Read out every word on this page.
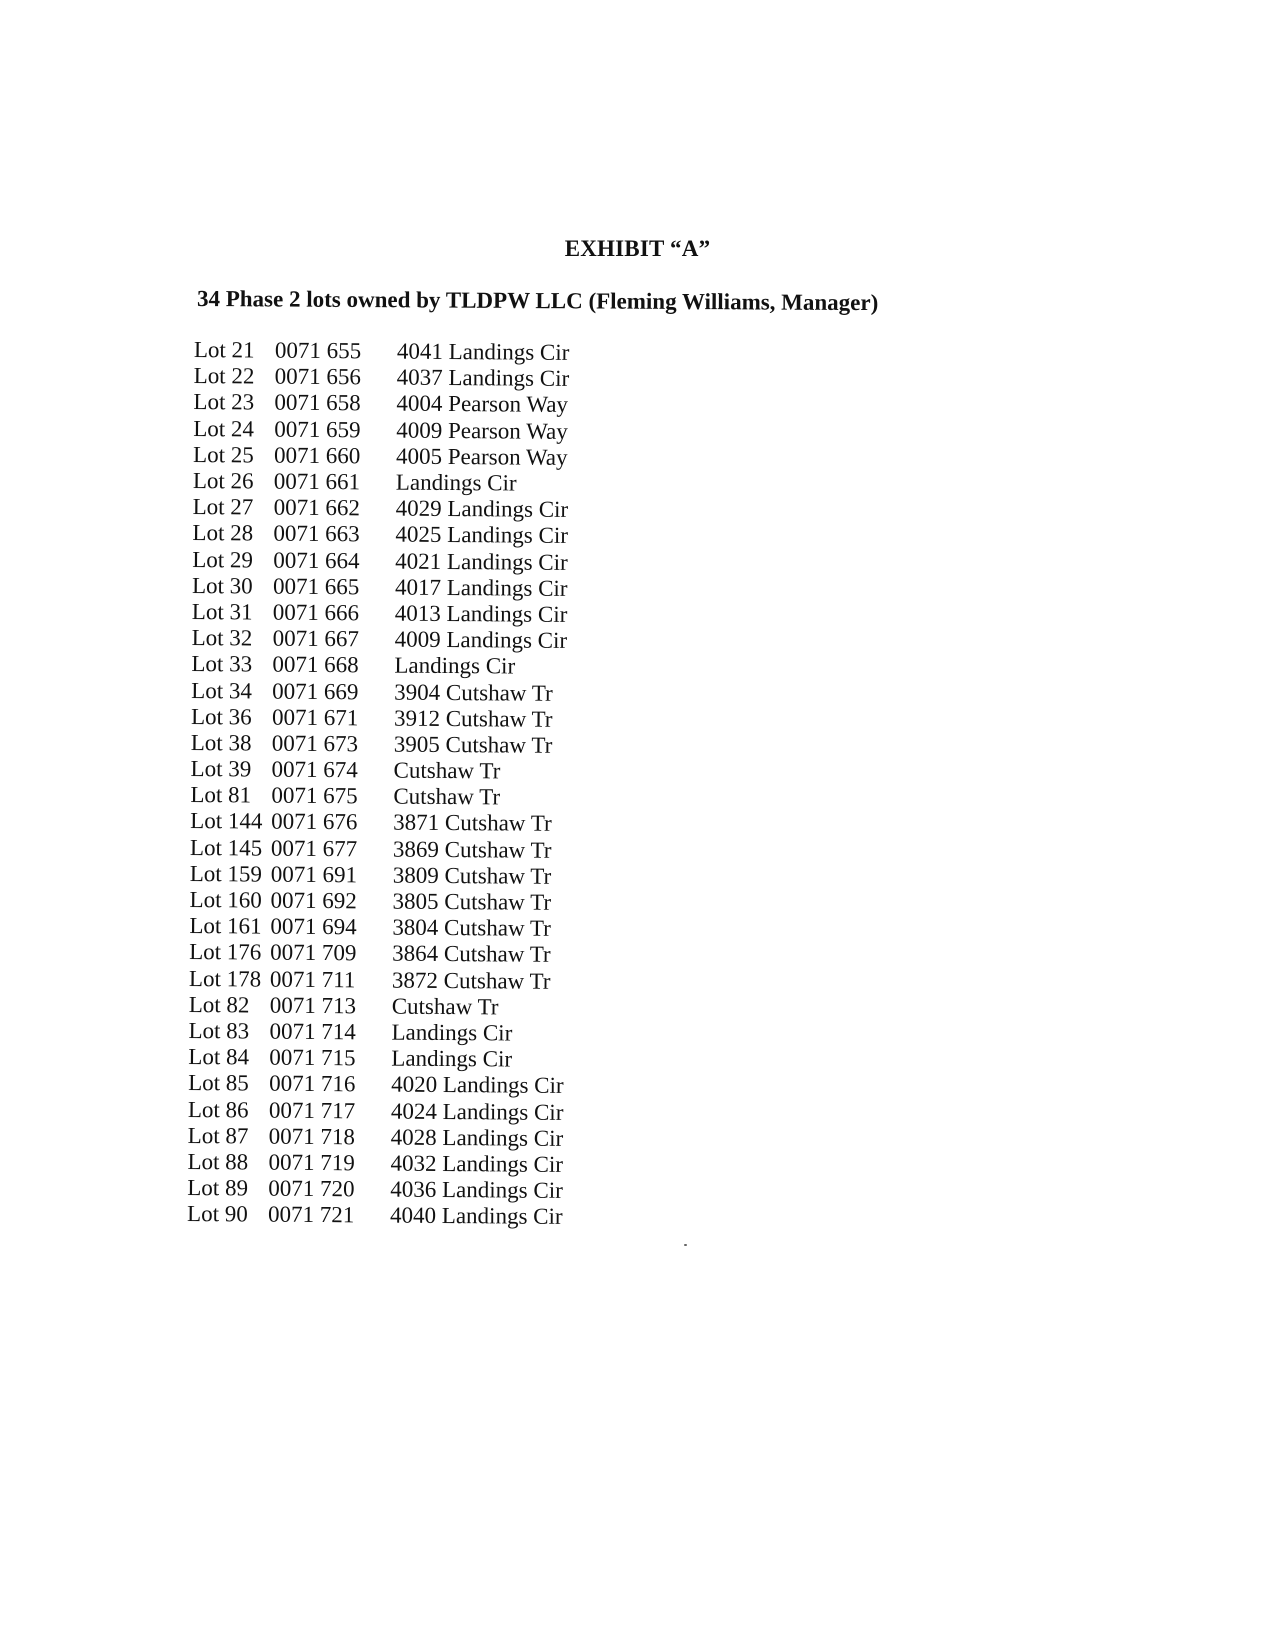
EXHIBIT “A”
34 Phase 2 lots owned by TLDPW LLC (Fleming Williams, Manager)
Lot 21 0071 655	4041 Landings Cir
Lot 22 0071 656	4037 Landings Cir
Lot 23 0071 658	4004 Pearson Way
Lot 24 0071 659	4009 Pearson Way
Lot 25 0071 660	4005 Pearson Way
Lot 26 0071 661	Landings Cir
Lot 27 0071 662	4029 Landings Cir
Lot 28 0071 663	4025 Landings Cir
Lot 29 0071 664	4021 Landings Cir
Lot 30 0071 665	4017 Landings Cir
Lot 31 0071 666	4013 Landings Cir
Lot 32 0071 667	4009 Landings Cir
Lot 33 0071 668	Landings Cir
Lot 34 0071 669	3904 Cutshaw Tr
Lot 36 0071 671	3912 Cutshaw Tr
Lot 38 0071 673	3905 Cutshaw Tr
Lot 39 0071 674	Cutshaw Tr
Lot 81 0071 675	Cutshaw Tr
Lot 144 0071 676	3871 Cutshaw Tr
Lot 145 0071 677	3869 Cutshaw Tr
Lot 159 0071 691	3809 Cutshaw Tr
Lot 160 0071 692	3805 Cutshaw Tr
Lot 161 0071 694	3804 Cutshaw Tr
Lot 176 0071 709	3864 Cutshaw Tr
Lot 178 0071 711	3872 Cutshaw Tr
Lot 82 0071 713	Cutshaw Tr
Lot 83 0071 714	Landings Cir
Lot 84 0071 715	Landings Cir
Lot 85 0071 716	4020 Landings Cir
Lot 86 0071 717	4024 Landings Cir
Lot 87 0071 718	4028 Landings Cir
Lot 88 0071 719	4032 Landings Cir
Lot 89 0071 720	4036 Landings Cir
Lot 90 0071 721	4040 Landings Cir
